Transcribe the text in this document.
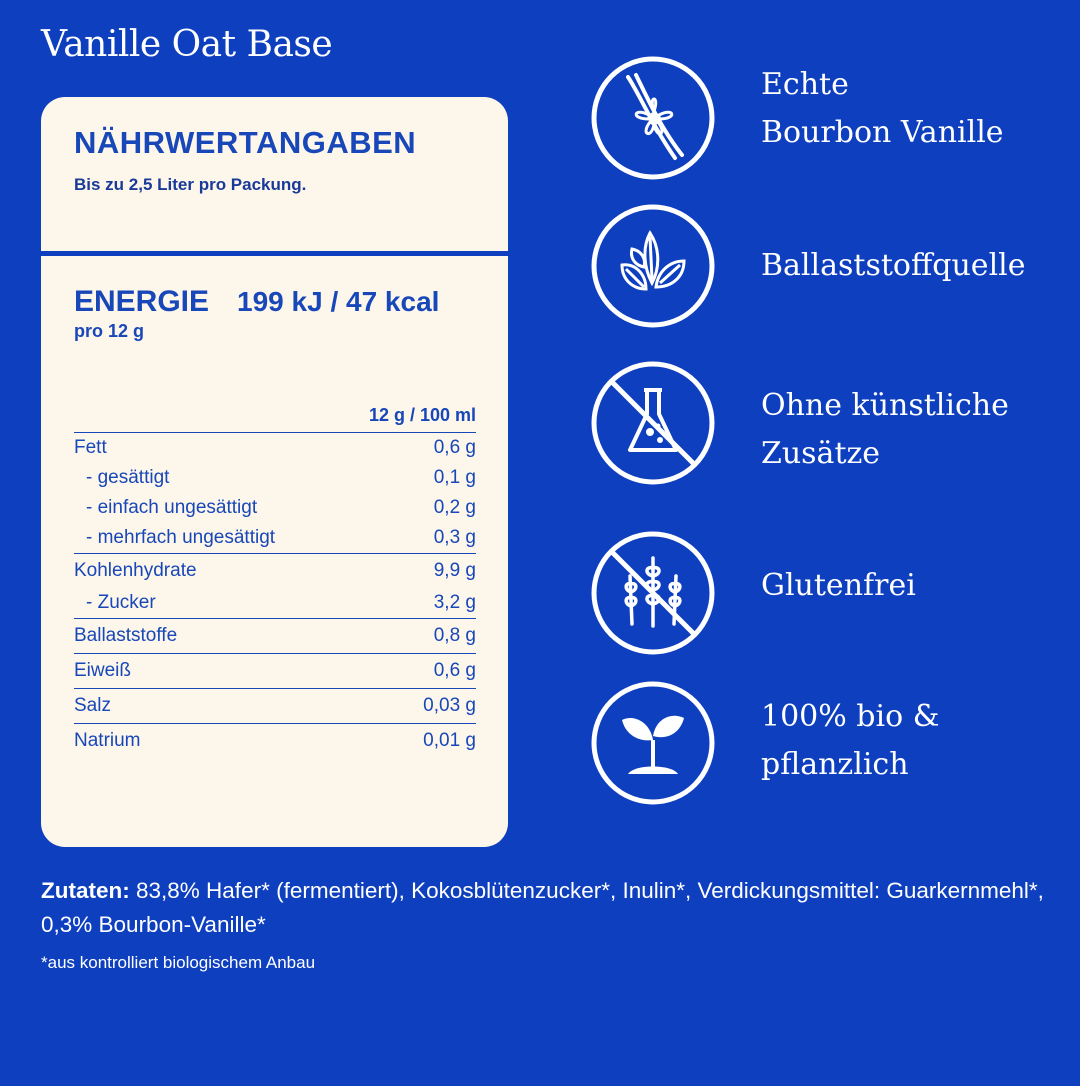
Vanille Oat Base
NÄHRWERTANGABEN
Bis zu 2,5 Liter pro Packung.
ENERGIE 199 kJ / 47 kcal
pro 12 g
12 g / 100 ml
Fett	0,6 g
- gesättigt	0,1 g
- einfach ungesättigt	0,2 g
- mehrfach ungesättigt	0,3 g
Kohlenhydrate	9,9 g
- Zucker	3,2 g
Ballaststoffe	0,8 g
Eiweiß	0,6 g
Salz	0,03 g
Natrium	0,01 g
Echte
Bourbon Vanille
Ballaststoffquelle
Ohne künstliche
Zusätze
Glutenfrei
100% bio &
pflanzlich
Zutaten: 83,8% Hafer* (fermentiert), Kokosblütenzucker*, Inulin*, Verdickungsmittel: Guarkernmehl*, 0,3% Bourbon-Vanille*
*aus kontrolliert biologischem Anbau
